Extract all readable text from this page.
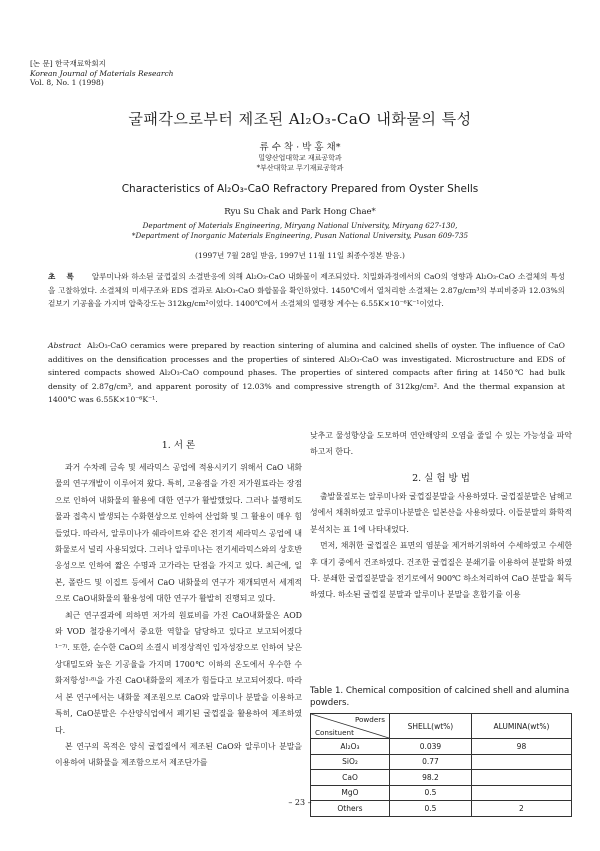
[논 문] 한국재료학회지
Korean Journal of Materials Research
Vol. 8, No. 1 (1998)
굴패각으로부터 제조된 Al₂O₃-CaO 내화물의 특성
류 수 착 · 박 홍 채*
밀양산업대학교 재료공학과
*부산대학교 무기재료공학과
Characteristics of Al₂O₃-CaO Refractory Prepared from Oyster Shells
Ryu Su Chak and Park Hong Chae*
Department of Materials Engineering, Miryang National University, Miryang 627-130,
*Department of Inorganic Materials Engineering, Pusan National University, Pusan 609-735
(1997년 7월 28일 받음, 1997년 11월 11일 최종수정본 받음.)
초 록 알루미나와 하소된 굴껍질의 소결반응에 의해 Al₂O₃-CaO 내화물이 제조되었다. 치밀화과정에서의 CaO의 영향과 Al₂O₃-CaO 소결체의 특성을 고찰하였다. 소결체의 미세구조와 EDS 결과로 Al₂O₃-CaO 화합물을 확인하였다. 1450℃에서 열처리한 소결체는 2.87g/cm³의 부피비중과 12.03%의 겉보기 기공율을 가지며 압축강도는 312kg/cm²이었다. 1400℃에서 소결체의 열팽창 계수는 6.55K×10⁻⁶K⁻¹이었다.
Abstract Al₂O₃-CaO ceramics were prepared by reaction sintering of alumina and calcined shells of oyster. The influence of CaO additives on the densification processes and the properties of sintered Al₂O₃-CaO was investigated. Microstructure and EDS of sintered compacts showed Al₂O₃-CaO compound phases. The properties of sintered compacts after firing at 1450℃ had bulk density of 2.87g/cm³, and apparent porosity of 12.03% and compressive strength of 312kg/cm². And the thermal expansion at 1400℃ was 6.55K×10⁻⁶K⁻¹.
1. 서 론

과거 수차례 금속 및 세라믹스 공업에 적용시키기 위해서 CaO 내화물의 연구개발이 이루어져 왔다. 특히, 고융점을 가진 저가원료라는 장점으로 인하여 내화물의 활용에 대한 연구가 활발했었다. 그러나 불행히도 물과 접촉시 발생되는 수화현상으로 인하여 산업화 및 그 활용이 매우 힘들었다. 따라서, 알루미나가 쉐라이트와 같은 전기적 세라믹스 공업에 내화물로서 널리 사용되었다. 그러나 알루미나는 전기세라믹스와의 상호반응성으로 인하여 짧은 수명과 고가라는 단점을 가지고 있다. 최근에, 일본, 폴란드 및 이집트 등에서 CaO 내화물의 연구가 재개되면서 세계적으로 CaO내화물의 활용성에 대한 연구가 활발히 진행되고 있다.

최근 연구결과에 의하면 저가의 원료비를 가진 CaO내화물은 AOD 와 VOD 철강용기에서 중요한 역할을 담당하고 있다고 보고되어졌다¹⁻⁷⁾. 또한, 순수한 CaO의 소결시 비정상적인 입자성장으로 인하여 낮은 상대밀도와 높은 기공율을 가지며 1700℃ 이하의 온도에서 우수한 수화저항성¹·⁸⁾을 가진 CaO내화물의 제조가 힘들다고 보고되어졌다. 따라서 본 연구에서는 내화물 제조원으로 CaO와 알루미나 분말을 이용하고 특히, CaO분말은 수산양식업에서 폐기된 굴껍질을 활용하여 제조하였다.

본 연구의 목적은 양식 굴껍질에서 제조된 CaO와 알루미나 분말을 이용하여 내화물을 제조함으로서 제조단가를

낮추고 물성향상을 도모하며 연안해양의 오염을 줄일 수 있는 가능성을 파악하고저 한다.

2. 실 험 방 법

출발물질로는 알루미나와 굴껍질분말을 사용하였다. 굴껍질분말은 남해고성에서 채취하였고 알루미나분말은 일본산을 사용하였다. 이들분말의 화학적 분석치는 표 1에 나타내었다.

먼저, 채취한 굴껍질은 표면의 염분을 제거하기위하여 수세하였고 수세한 후 대기 중에서 건조하였다. 건조한 굴껍질은 분쇄기를 이용하여 분말화 하였다. 분쇄한 굴껍질분말을 전기로에서 900℃ 하소처리하여 CaO 분말을 획득하였다. 하소된 굴껍질 분말과 알루미나 분말을 혼합기를 이용

Table 1. Chemical composition of calcined shell and alumina powders.
Powders
Consituent	SHELL(wt%)	ALUMINA(wt%)
Al₂O₃	0.039	98
SiO₂	0.77	
CaO	98.2	
MgO	0.5	
Others	0.5	2
– 23 –
